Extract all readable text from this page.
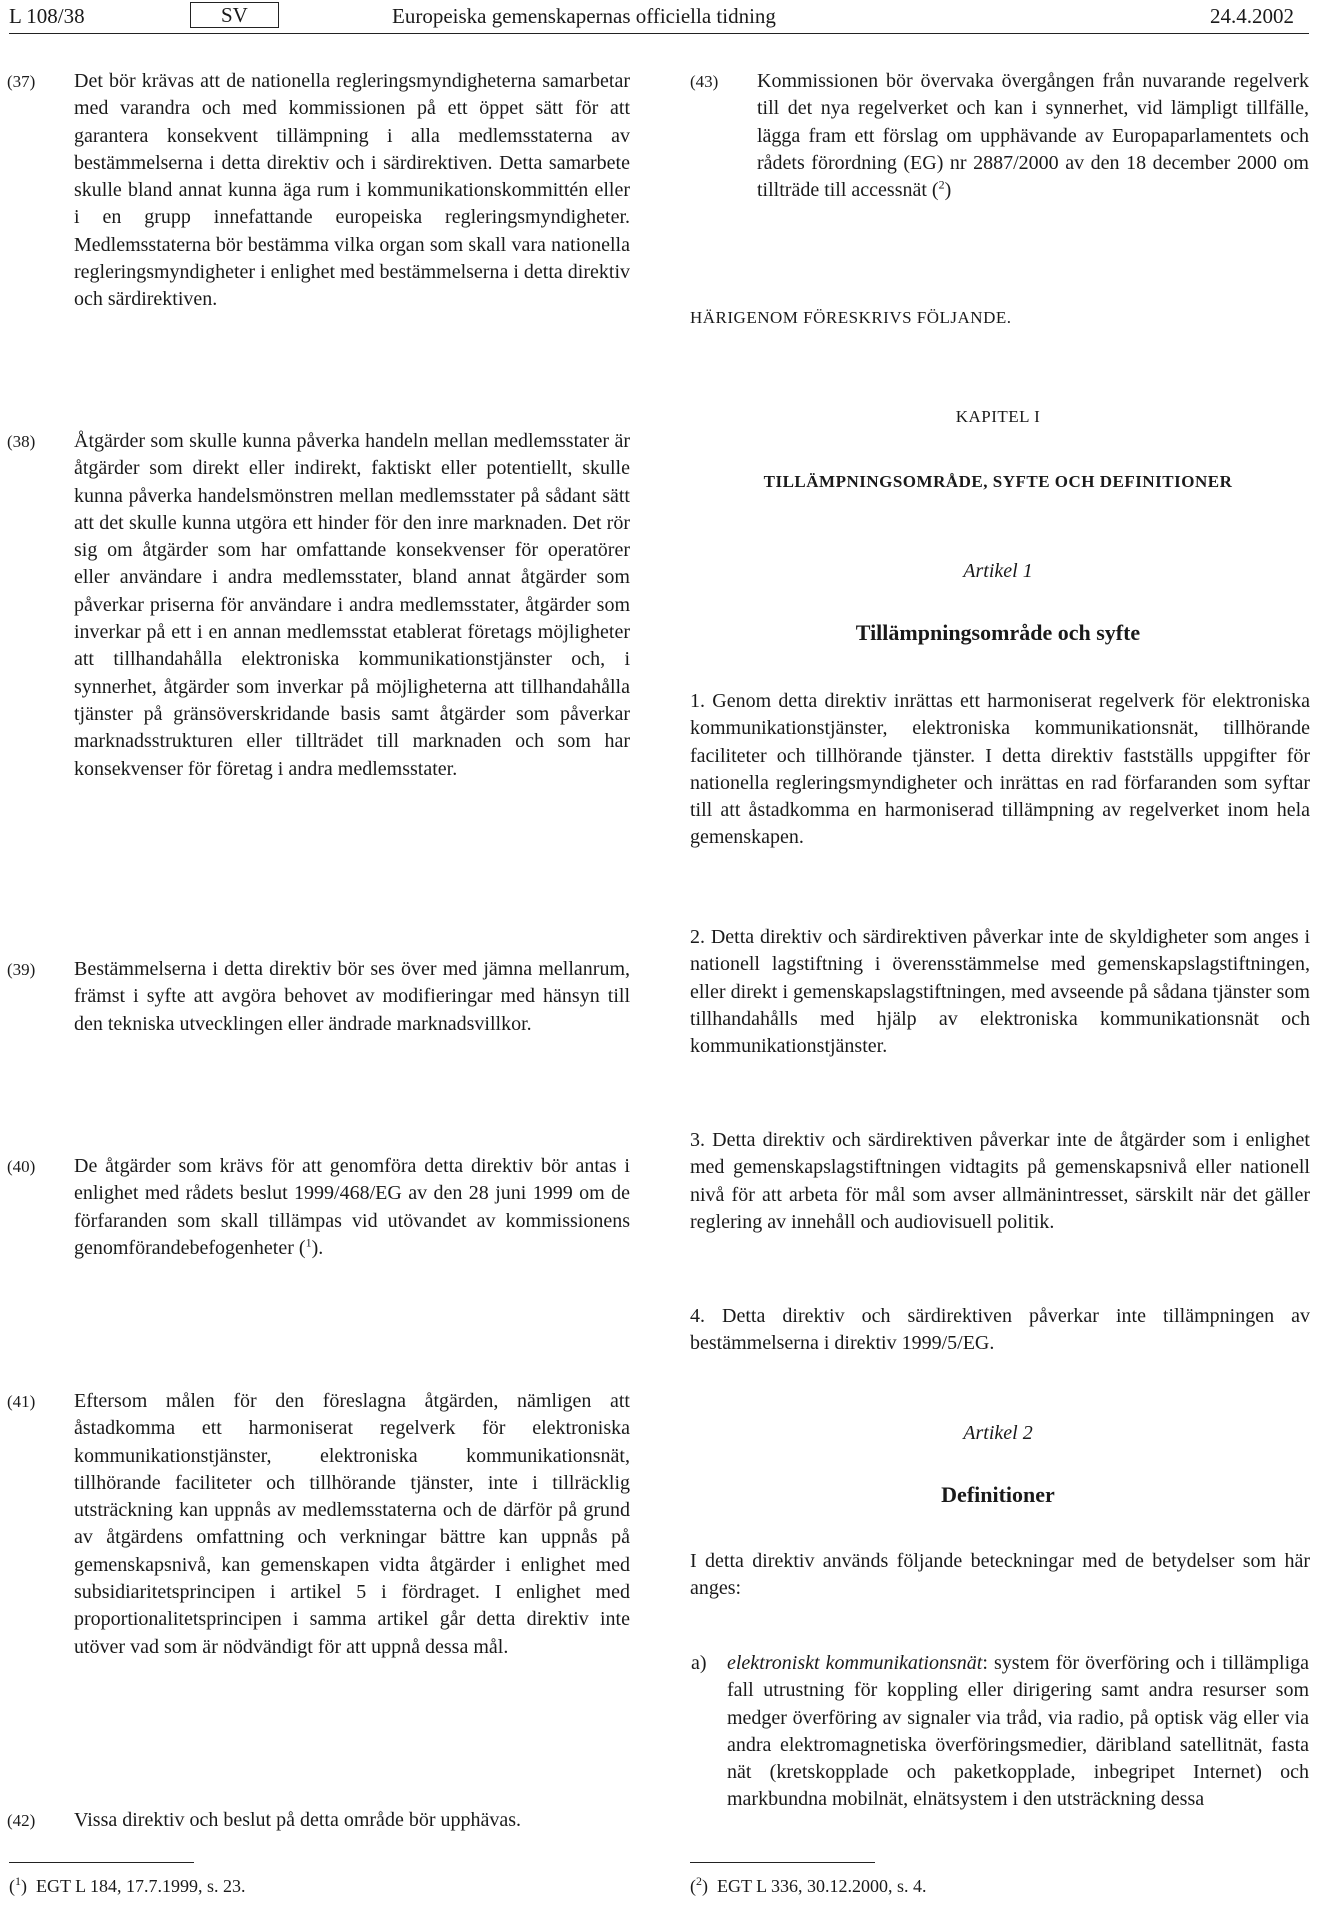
L 108/38	SV	Europeiska gemenskapernas officiella tidning	24.4.2002
(37)	Det bör krävas att de nationella regleringsmyndigheterna samarbetar med varandra och med kommissionen på ett öppet sätt för att garantera konsekvent tillämpning i alla medlemsstaterna av bestämmelserna i detta direktiv och i särdirektiven. Detta samarbete skulle bland annat kunna äga rum i kommunikationskommittén eller i en grupp innefattande europeiska regleringsmyndigheter. Medlemsstaterna bör bestämma vilka organ som skall vara nationella regleringsmyndigheter i enlighet med bestämmelserna i detta direktiv och särdirektiven.
(38)	Åtgärder som skulle kunna påverka handeln mellan medlemsstater är åtgärder som direkt eller indirekt, faktiskt eller potentiellt, skulle kunna påverka handelsmönstren mellan medlemsstater på sådant sätt att det skulle kunna utgöra ett hinder för den inre marknaden. Det rör sig om åtgärder som har omfattande konsekvenser för operatörer eller användare i andra medlemsstater, bland annat åtgärder som påverkar priserna för användare i andra medlemsstater, åtgärder som inverkar på ett i en annan medlemsstat etablerat företags möjligheter att tillhandahålla elektroniska kommunikationstjänster och, i synnerhet, åtgärder som inverkar på möjligheterna att tillhandahålla tjänster på gränsöverskridande basis samt åtgärder som påverkar marknadsstrukturen eller tillträdet till marknaden och som har konsekvenser för företag i andra medlemsstater.
(39)	Bestämmelserna i detta direktiv bör ses över med jämna mellanrum, främst i syfte att avgöra behovet av modifieringar med hänsyn till den tekniska utvecklingen eller ändrade marknadsvillkor.
(40)	De åtgärder som krävs för att genomföra detta direktiv bör antas i enlighet med rådets beslut 1999/468/EG av den 28 juni 1999 om de förfaranden som skall tillämpas vid utövandet av kommissionens genomförandebefogenheter ($^1$).
(41)	Eftersom målen för den föreslagna åtgärden, nämligen att åstadkomma ett harmoniserat regelverk för elektroniska kommunikationstjänster, elektroniska kommunikationsnät, tillhörande faciliteter och tillhörande tjänster, inte i tillräcklig utsträckning kan uppnås av medlemsstaterna och de därför på grund av åtgärdens omfattning och verkningar bättre kan uppnås på gemenskapsnivå, kan gemenskapen vidta åtgärder i enlighet med subsidiaritetsprincipen i artikel 5 i fördraget. I enlighet med proportionalitetsprincipen i samma artikel går detta direktiv inte utöver vad som är nödvändigt för att uppnå dessa mål.
(42)	Vissa direktiv och beslut på detta område bör upphävas.
(43)	Kommissionen bör övervaka övergången från nuvarande regelverk till det nya regelverket och kan i synnerhet, vid lämpligt tillfälle, lägga fram ett förslag om upphävande av Europaparlamentets och rådets förordning (EG) nr 2887/2000 av den 18 december 2000 om tillträde till accessnät ($^2$)
HÄRIGENOM FÖRESKRIVS FÖLJANDE.
KAPITEL I
TILLÄMPNINGSOMRÅDE, SYFTE OCH DEFINITIONER
Artikel 1
Tillämpningsområde och syfte
1. Genom detta direktiv inrättas ett harmoniserat regelverk för elektroniska kommunikationstjänster, elektroniska kommunikationsnät, tillhörande faciliteter och tillhörande tjänster. I detta direktiv fastställs uppgifter för nationella regleringsmyndigheter och inrättas en rad förfaranden som syftar till att åstadkomma en harmoniserad tillämpning av regelverket inom hela gemenskapen.
2. Detta direktiv och särdirektiven påverkar inte de skyldigheter som anges i nationell lagstiftning i överensstämmelse med gemenskapslagstiftningen, eller direkt i gemenskapslagstiftningen, med avseende på sådana tjänster som tillhandahålls med hjälp av elektroniska kommunikationsnät och kommunikationstjänster.
3. Detta direktiv och särdirektiven påverkar inte de åtgärder som i enlighet med gemenskapslagstiftningen vidtagits på gemenskapsnivå eller nationell nivå för att arbeta för mål som avser allmänintresset, särskilt när det gäller reglering av innehåll och audiovisuell politik.
4. Detta direktiv och särdirektiven påverkar inte tillämpningen av bestämmelserna i direktiv 1999/5/EG.
Artikel 2
Definitioner
I detta direktiv används följande beteckningar med de betydelser som här anges:
a) elektroniskt kommunikationsnät: system för överföring och i tillämpliga fall utrustning för koppling eller dirigering samt andra resurser som medger överföring av signaler via tråd, via radio, på optisk väg eller via andra elektromagnetiska överföringsmedier, däribland satellitnät, fasta nät (kretskopplade och paketkopplade, inbegripet Internet) och markbundna mobilnät, elnätsystem i den utsträckning dessa
($^1$)  EGT L 184, 17.7.1999, s. 23.	($^2$)  EGT L 336, 30.12.2000, s. 4.
